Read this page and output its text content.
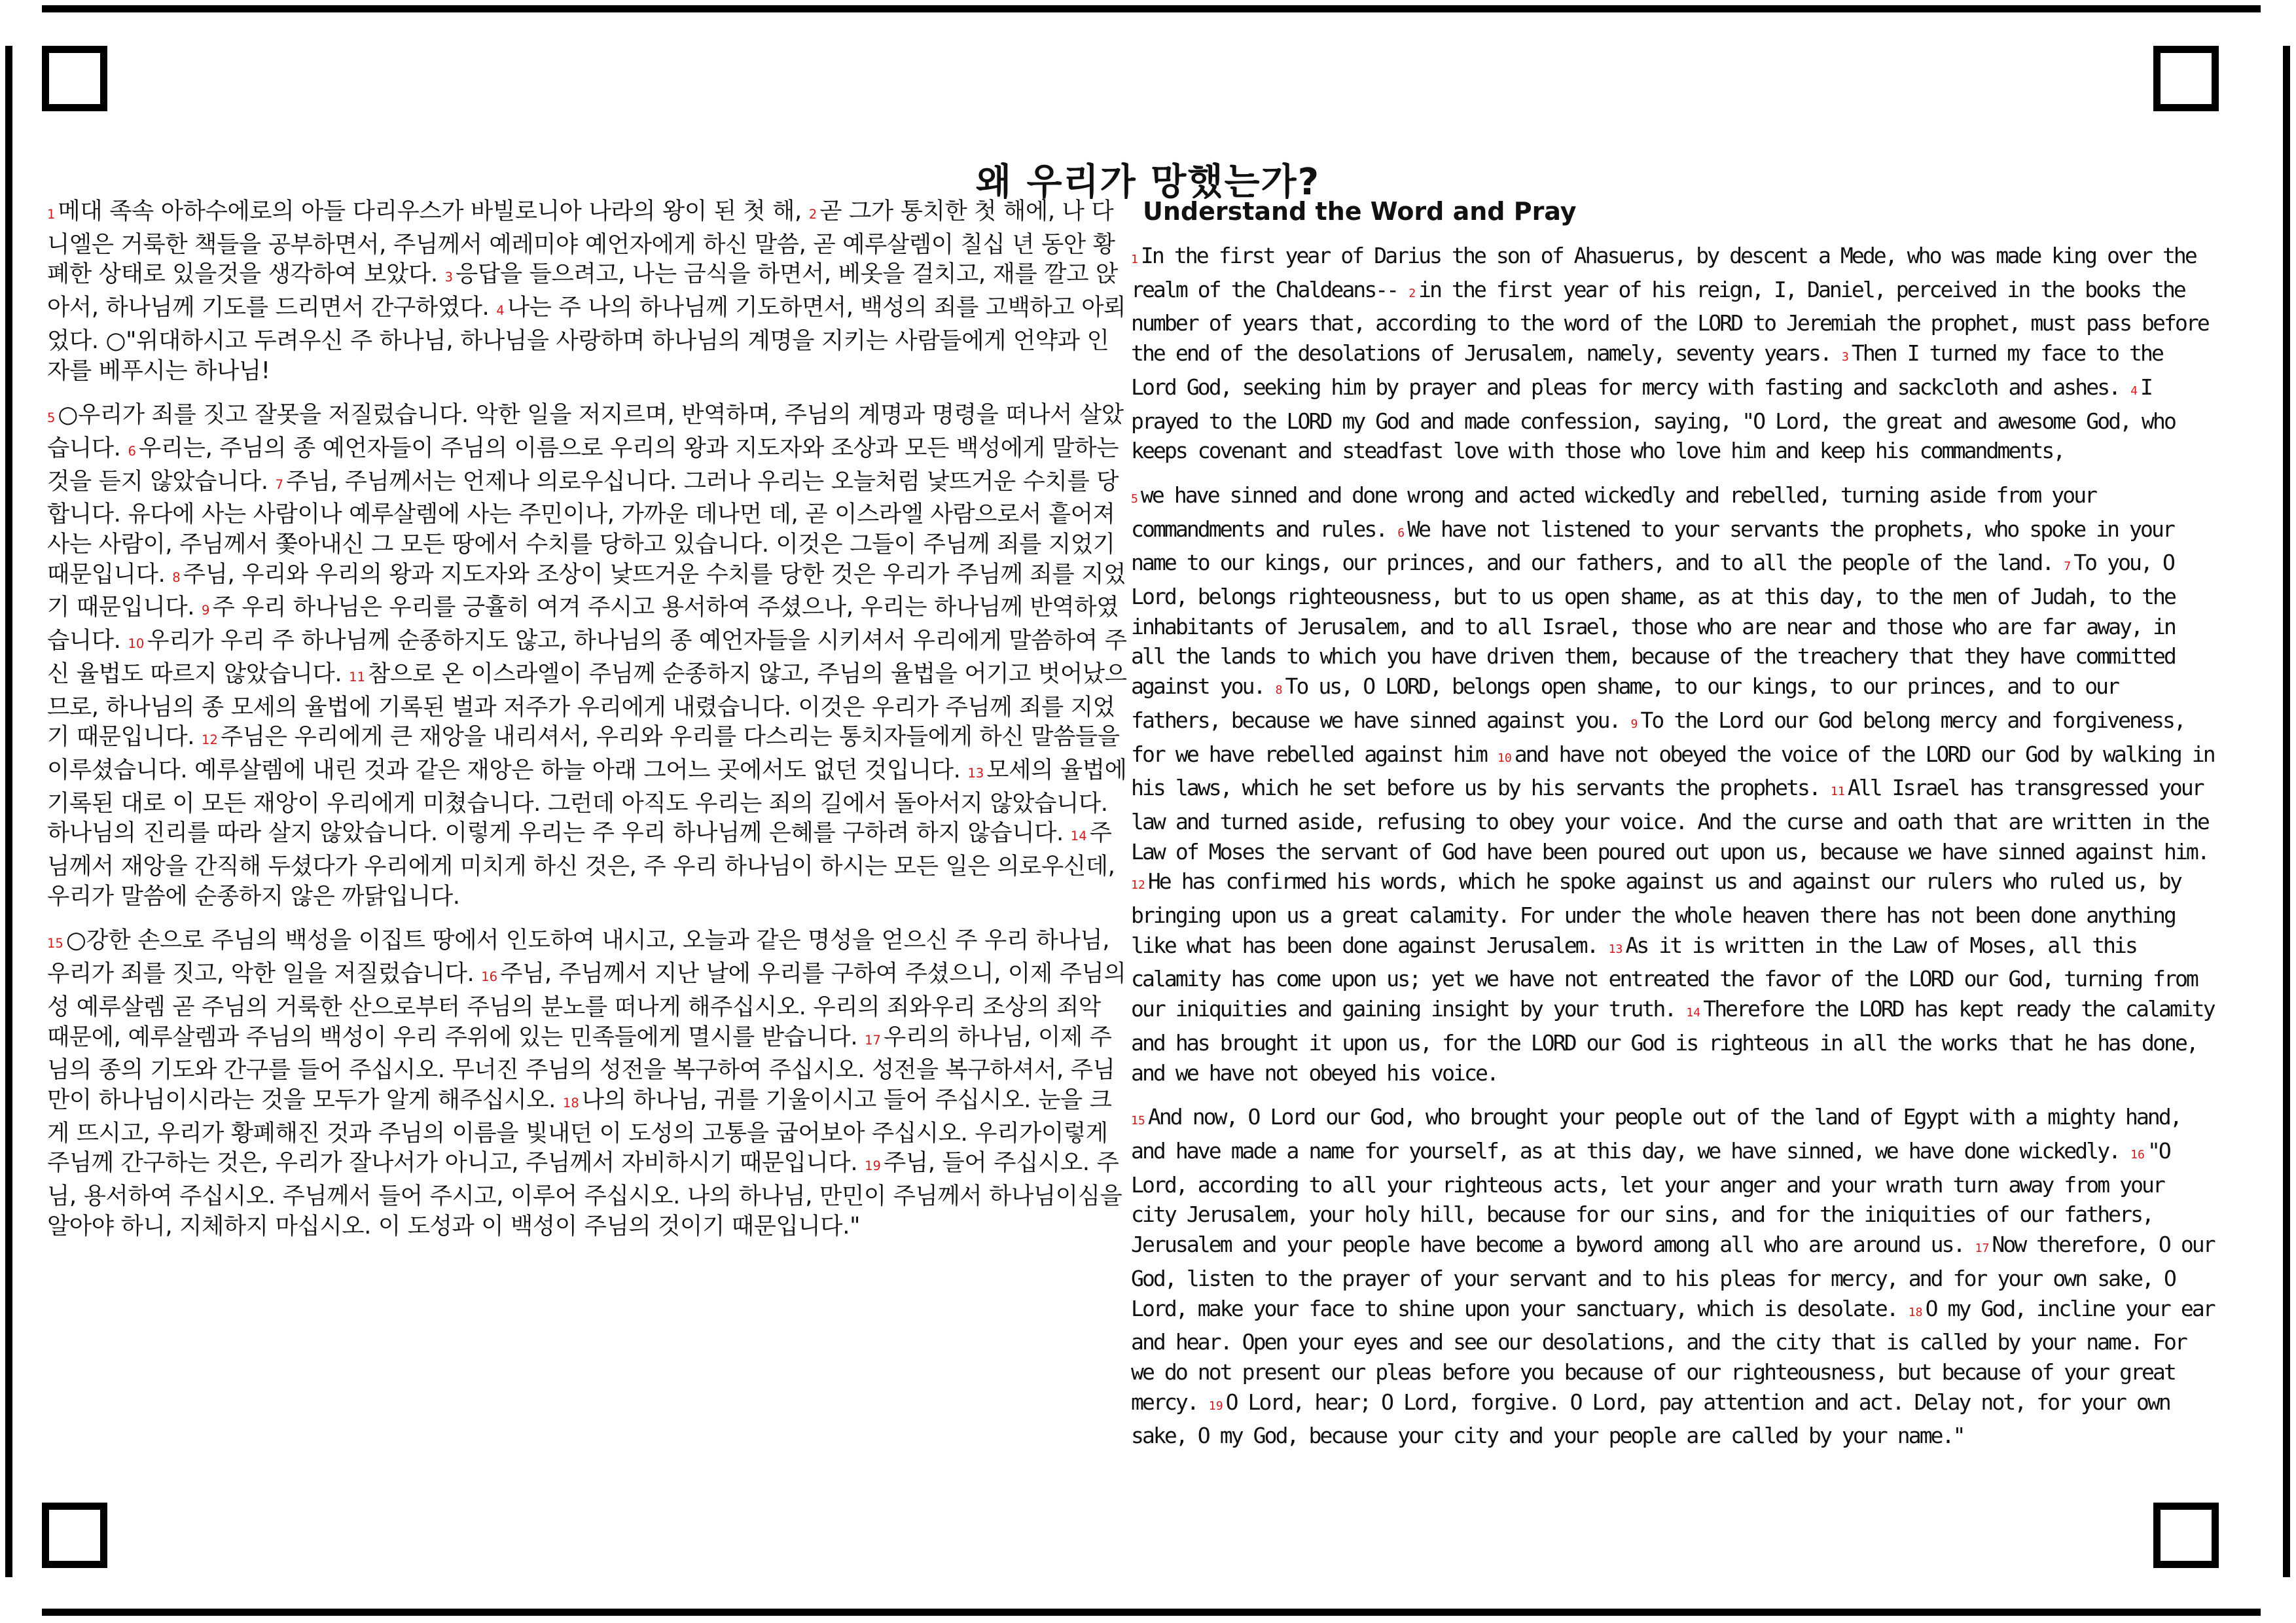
왜 우리가 망했는가?

1 메대 족속 아하수에로의 아들 다리우스가 바빌로니아 나라의 왕이 된 첫 해, 2 곧 그가 통치한 첫 해에, 나 다니엘은 거룩한 책들을 공부하면서, 주님께서 예레미야 예언자에게 하신 말씀, 곧 예루살렘이 칠십 년 동안 황폐한 상태로 있을것을 생각하여 보았다. 3 응답을 들으려고, 나는 금식을 하면서, 베옷을 걸치고, 재를 깔고 앉아서, 하나님께 기도를 드리면서 간구하였다. 4 나는 주 나의 하나님께 기도하면서, 백성의 죄를 고백하고 아뢰었다. ○"위대하시고 두려우신 주 하나님, 하나님을 사랑하며 하나님의 계명을 지키는 사람들에게 언약과 인자를 베푸시는 하나님!

5 ○우리가 죄를 짓고 잘못을 저질렀습니다. 악한 일을 저지르며, 반역하며, 주님의 계명과 명령을 떠나서 살았습니다. 6 우리는, 주님의 종 예언자들이 주님의 이름으로 우리의 왕과 지도자와 조상과 모든 백성에게 말하는 것을 듣지 않았습니다. 7 주님, 주님께서는 언제나 의로우십니다. 그러나 우리는 오늘처럼 낯뜨거운 수치를 당합니다. 유다에 사는 사람이나 예루살렘에 사는 주민이나, 가까운 데나먼 데, 곧 이스라엘 사람으로서 흩어져 사는 사람이, 주님께서 쫓아내신 그 모든 땅에서 수치를 당하고 있습니다. 이것은 그들이 주님께 죄를 지었기 때문입니다. 8 주님, 우리와 우리의 왕과 지도자와 조상이 낯뜨거운 수치를 당한 것은 우리가 주님께 죄를 지었기 때문입니다. 9 주 우리 하나님은 우리를 긍휼히 여겨 주시고 용서하여 주셨으나, 우리는 하나님께 반역하였습니다. 10 우리가 우리 주 하나님께 순종하지도 않고, 하나님의 종 예언자들을 시키셔서 우리에게 말씀하여 주신 율법도 따르지 않았습니다. 11 참으로 온 이스라엘이 주님께 순종하지 않고, 주님의 율법을 어기고 벗어났으므로, 하나님의 종 모세의 율법에 기록된 벌과 저주가 우리에게 내렸습니다. 이것은 우리가 주님께 죄를 지었기 때문입니다. 12 주님은 우리에게 큰 재앙을 내리셔서, 우리와 우리를 다스리는 통치자들에게 하신 말씀들을 이루셨습니다. 예루살렘에 내린 것과 같은 재앙은 하늘 아래 그어느 곳에서도 없던 것입니다. 13 모세의 율법에 기록된 대로 이 모든 재앙이 우리에게 미쳤습니다. 그런데 아직도 우리는 죄의 길에서 돌아서지 않았습니다. 하나님의 진리를 따라 살지 않았습니다. 이렇게 우리는 주 우리 하나님께 은혜를 구하려 하지 않습니다. 14 주님께서 재앙을 간직해 두셨다가 우리에게 미치게 하신 것은, 주 우리 하나님이 하시는 모든 일은 의로우신데, 우리가 말씀에 순종하지 않은 까닭입니다.

15 ○강한 손으로 주님의 백성을 이집트 땅에서 인도하여 내시고, 오늘과 같은 명성을 얻으신 주 우리 하나님, 우리가 죄를 짓고, 악한 일을 저질렀습니다. 16 주님, 주님께서 지난 날에 우리를 구하여 주셨으니, 이제 주님의 성 예루살렘 곧 주님의 거룩한 산으로부터 주님의 분노를 떠나게 해주십시오. 우리의 죄와우리 조상의 죄악 때문에, 예루살렘과 주님의 백성이 우리 주위에 있는 민족들에게 멸시를 받습니다. 17 우리의 하나님, 이제 주님의 종의 기도와 간구를 들어 주십시오. 무너진 주님의 성전을 복구하여 주십시오. 성전을 복구하셔서, 주님만이 하나님이시라는 것을 모두가 알게 해주십시오. 18 나의 하나님, 귀를 기울이시고 들어 주십시오. 눈을 크게 뜨시고, 우리가 황폐해진 것과 주님의 이름을 빛내던 이 도성의 고통을 굽어보아 주십시오. 우리가이렇게 주님께 간구하는 것은, 우리가 잘나서가 아니고, 주님께서 자비하시기 때문입니다. 19 주님, 들어 주십시오. 주님, 용서하여 주십시오. 주님께서 들어 주시고, 이루어 주십시오. 나의 하나님, 만민이 주님께서 하나님이심을 알아야 하니, 지체하지 마십시오. 이 도성과 이 백성이 주님의 것이기 때문입니다."

Understand the Word and Pray

1 In the first year of Darius the son of Ahasuerus, by descent a Mede, who was made king over the realm of the Chaldeans-- 2 in the first year of his reign, I, Daniel, perceived in the books the number of years that, according to the word of the LORD to Jeremiah the prophet, must pass before the end of the desolations of Jerusalem, namely, seventy years. 3 Then I turned my face to the Lord God, seeking him by prayer and pleas for mercy with fasting and sackcloth and ashes. 4 I prayed to the LORD my God and made confession, saying, "O Lord, the great and awesome God, who keeps covenant and steadfast love with those who love him and keep his commandments,

5 we have sinned and done wrong and acted wickedly and rebelled, turning aside from your commandments and rules. 6 We have not listened to your servants the prophets, who spoke in your name to our kings, our princes, and our fathers, and to all the people of the land. 7 To you, O Lord, belongs righteousness, but to us open shame, as at this day, to the men of Judah, to the inhabitants of Jerusalem, and to all Israel, those who are near and those who are far away, in all the lands to which you have driven them, because of the treachery that they have committed against you. 8 To us, O LORD, belongs open shame, to our kings, to our princes, and to our fathers, because we have sinned against you. 9 To the Lord our God belong mercy and forgiveness, for we have rebelled against him 10 and have not obeyed the voice of the LORD our God by walking in his laws, which he set before us by his servants the prophets. 11 All Israel has transgressed your law and turned aside, refusing to obey your voice. And the curse and oath that are written in the Law of Moses the servant of God have been poured out upon us, because we have sinned against him. 12 He has confirmed his words, which he spoke against us and against our rulers who ruled us, by bringing upon us a great calamity. For under the whole heaven there has not been done anything like what has been done against Jerusalem. 13 As it is written in the Law of Moses, all this calamity has come upon us; yet we have not entreated the favor of the LORD our God, turning from our iniquities and gaining insight by your truth. 14 Therefore the LORD has kept ready the calamity and has brought it upon us, for the LORD our God is righteous in all the works that he has done, and we have not obeyed his voice.

15 And now, O Lord our God, who brought your people out of the land of Egypt with a mighty hand, and have made a name for yourself, as at this day, we have sinned, we have done wickedly. 16 "O Lord, according to all your righteous acts, let your anger and your wrath turn away from your city Jerusalem, your holy hill, because for our sins, and for the iniquities of our fathers, Jerusalem and your people have become a byword among all who are around us. 17 Now therefore, O our God, listen to the prayer of your servant and to his pleas for mercy, and for your own sake, O Lord, make your face to shine upon your sanctuary, which is desolate. 18 O my God, incline your ear and hear. Open your eyes and see our desolations, and the city that is called by your name. For we do not present our pleas before you because of our righteousness, but because of your great mercy. 19 O Lord, hear; O Lord, forgive. O Lord, pay attention and act. Delay not, for your own sake, O my God, because your city and your people are called by your name."
